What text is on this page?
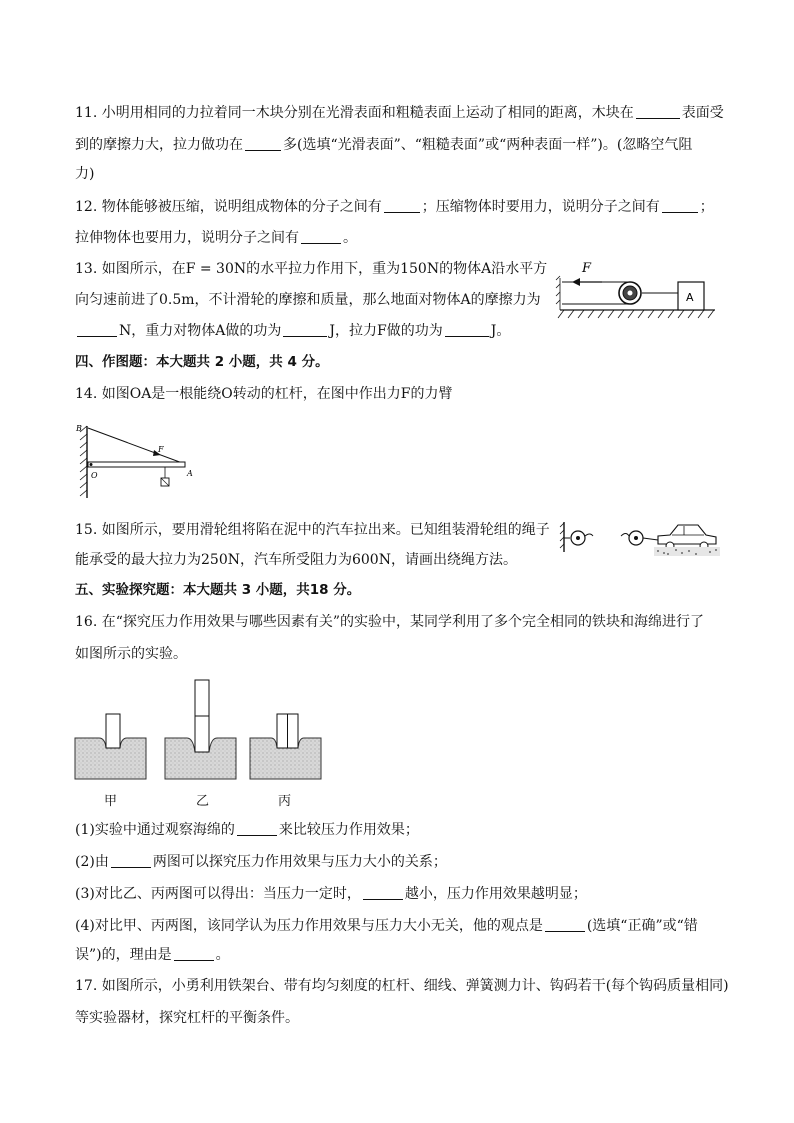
11. 小明用相同的力拉着同一木块分别在光滑表面和粗糙表面上运动了相同的距离，木块在	表面受
到的摩擦力大，拉力做功在	多(选填“光滑表面”、“粗糙表面”或“两种表面一样”)。(忽略空气阻
力)
12. 物体能够被压缩，说明组成物体的分子之间有	；压缩物体时要用力，说明分子之间有	；
拉伸物体也要用力，说明分子之间有	。
13. 如图所示，在F = 30N的水平拉力作用下，重为150N的物体A沿水平方
向匀速前进了0.5m，不计滑轮的摩擦和质量，那么地面对物体A的摩擦力为
N，重力对物体A做的功为	J，拉力F做的功为	J。
F
A
四、作图题：本大题共 2 小题，共 4 分。
14. 如图OA是一根能绕O转动的杠杆，在图中作出力F的力臂
B
F
O	A
15. 如图所示，要用滑轮组将陷在泥中的汽车拉出来。已知组装滑轮组的绳子
能承受的最大拉力为250N，汽车所受阻力为600N，请画出绕绳方法。
五、实验探究题：本大题共 3 小题，共18 分。
16. 在“探究压力作用效果与哪些因素有关”的实验中，某同学利用了多个完全相同的铁块和海绵进行了
如图所示的实验。
甲	乙	丙
(1)实验中通过观察海绵的	来比较压力作用效果；
(2)由	两图可以探究压力作用效果与压力大小的关系；
(3)对比乙、丙两图可以得出：当压力一定时，	越小，压力作用效果越明显；
(4)对比甲、丙两图，该同学认为压力作用效果与压力大小无关，他的观点是	(选填“正确”或“错
误”)的，理由是	。
17. 如图所示，小勇利用铁架台、带有均匀刻度的杠杆、细线、弹簧测力计、钩码若干(每个钩码质量相同)
等实验器材，探究杠杆的平衡条件。
